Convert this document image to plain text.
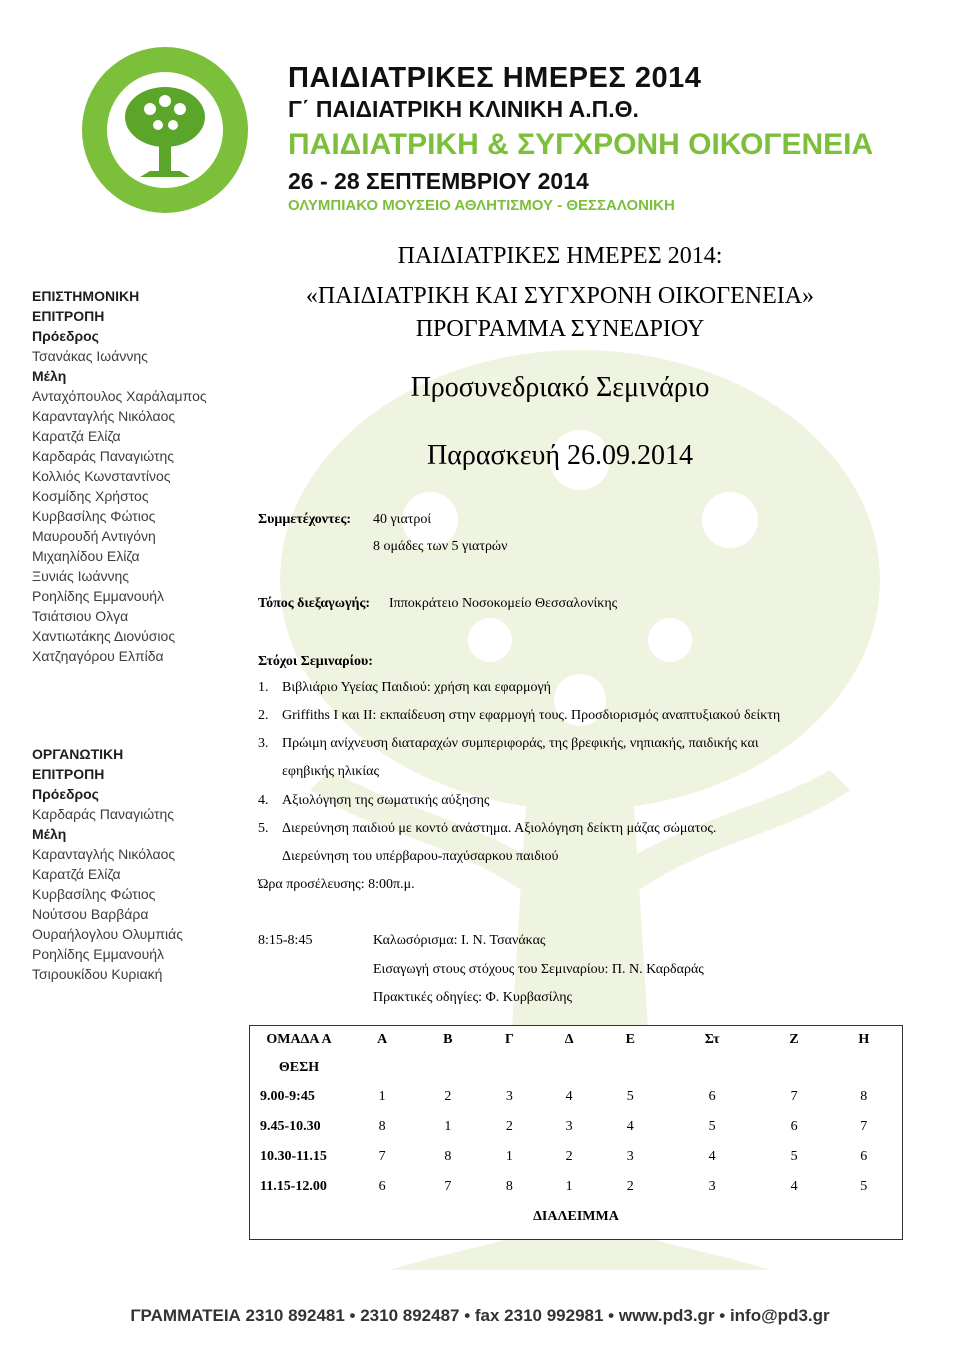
ΠΑΙΔΙΑΤΡΙΚΕΣ ΗΜΕΡΕΣ 2014
Γ΄ ΠΑΙΔΙΑΤΡΙΚΗ ΚΛΙΝΙΚΗ Α.Π.Θ.
ΠΑΙΔΙΑΤΡΙΚΗ & ΣΥΓΧΡΟΝΗ ΟΙΚΟΓΕΝΕΙΑ
26 - 28 ΣΕΠΤΕΜΒΡΙΟΥ 2014
ΟΛΥΜΠΙΑΚΟ ΜΟΥΣΕΙΟ ΑΘΛΗΤΙΣΜΟΥ - ΘΕΣΣΑΛΟΝΙΚΗ
ΕΠΙΣΤΗΜΟΝΙΚΗ
ΕΠΙΤΡΟΠΗ
Πρόεδρος
Τσανάκας Ιωάννης
Μέλη
Ανταχόπουλος Χαράλαμπος
Καρανταγλής Νικόλαος
Καρατζά Ελίζα
Καρδαράς Παναγιώτης
Κολλιός Κωνσταντίνος
Κοσμίδης Χρήστος
Κυρβασίλης Φώτιος
Μαυρουδή Αντιγόνη
Μιχαηλίδου Ελίζα
Ξυνιάς Ιωάννης
Ροηλίδης Εμμανουήλ
Τσιάτσιου Ολγα
Χαντιωτάκης Διονύσιος
Χατζηαγόρου Ελπίδα
ΟΡΓΑΝΩΤΙΚΗ
ΕΠΙΤΡΟΠΗ
Πρόεδρος
Καρδαράς Παναγιώτης
Μέλη
Καρανταγλής Νικόλαος
Καρατζά Ελίζα
Κυρβασίλης Φώτιος
Νούτσου Βαρβάρα
Ουραήλογλου Ολυμπιάς
Ροηλίδης Εμμανουήλ
Τσιρουκίδου Κυριακή
ΠΑΙΔΙΑΤΡΙΚΕΣ ΗΜΕΡΕΣ 2014:
«ΠΑΙΔΙΑΤΡΙΚΗ ΚΑΙ ΣΥΓΧΡΟΝΗ ΟΙΚΟΓΕΝΕΙΑ»
ΠΡΟΓΡΑΜΜΑ ΣΥΝΕΔΡΙΟΥ
Προσυνεδριακό Σεμινάριο
Παρασκευή 26.09.2014
Συμμετέχοντες: 40 γιατροί
8 ομάδες των 5 γιατρών
Τόπος διεξαγωγής: Ιπποκράτειο Νοσοκομείο Θεσσαλονίκης
Στόχοι Σεμιναρίου:
1. Βιβλιάριο Υγείας Παιδιού: χρήση και εφαρμογή
2. Griffiths Ι και ΙΙ: εκπαίδευση στην εφαρμογή τους. Προσδιορισμός αναπτυξιακού δείκτη
3. Πρώιμη ανίχνευση διαταραχών συμπεριφοράς, της βρεφικής, νηπιακής, παιδικής και
εφηβικής ηλικίας
4. Αξιολόγηση της σωματικής αύξησης
5. Διερεύνηση παιδιού με κοντό ανάστημα. Αξιολόγηση δείκτη μάζας σώματος.
Διερεύνηση του υπέρβαρου-παχύσαρκου παιδιού
Ώρα προσέλευσης: 8:00π.μ.
8:15-8:45	Καλωσόρισμα: Ι. Ν. Τσανάκας
Εισαγωγή στους στόχους του Σεμιναρίου: Π. Ν. Καρδαράς
Πρακτικές οδηγίες: Φ. Κυρβασίλης
ΟΜΑΔΑ Α	Α	Β	Γ	Δ	Ε	Στ	Ζ	Η
ΘΕΣΗ								
9.00-9:45	1	2	3	4	5	6	7	8
9.45-10.30	8	1	2	3	4	5	6	7
10.30-11.15	7	8	1	2	3	4	5	6
11.15-12.00	6	7	8	1	2	3	4	5
ΔΙΑΛΕΙΜΜΑ								

ΓΡΑΜΜΑΤΕΙΑ 2310 892481 • 2310 892487 • fax 2310 992981 • www.pd3.gr • info@pd3.gr
